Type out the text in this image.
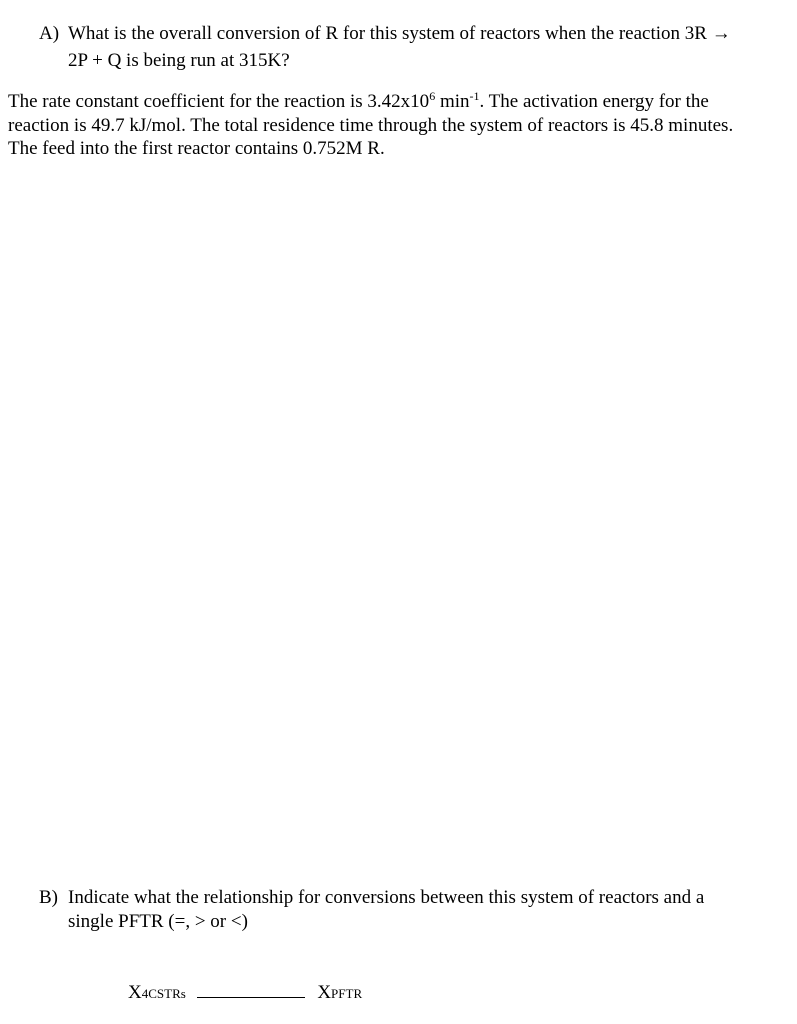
A) What is the overall conversion of R for this system of reactors when the reaction 3R →
2P + Q is being run at 315K?
The rate constant coefficient for the reaction is $3.42x10^6$ $\min^{-1}$. The activation energy for the
reaction is 49.7 kJ/mol. The total residence time through the system of reactors is 45.8 minutes.
The feed into the first reactor contains 0.752M R.
B) Indicate what the relationship for conversions between this system of reactors and a
single PFTR (=, > or <)
X4CSTRs	XPFTR
